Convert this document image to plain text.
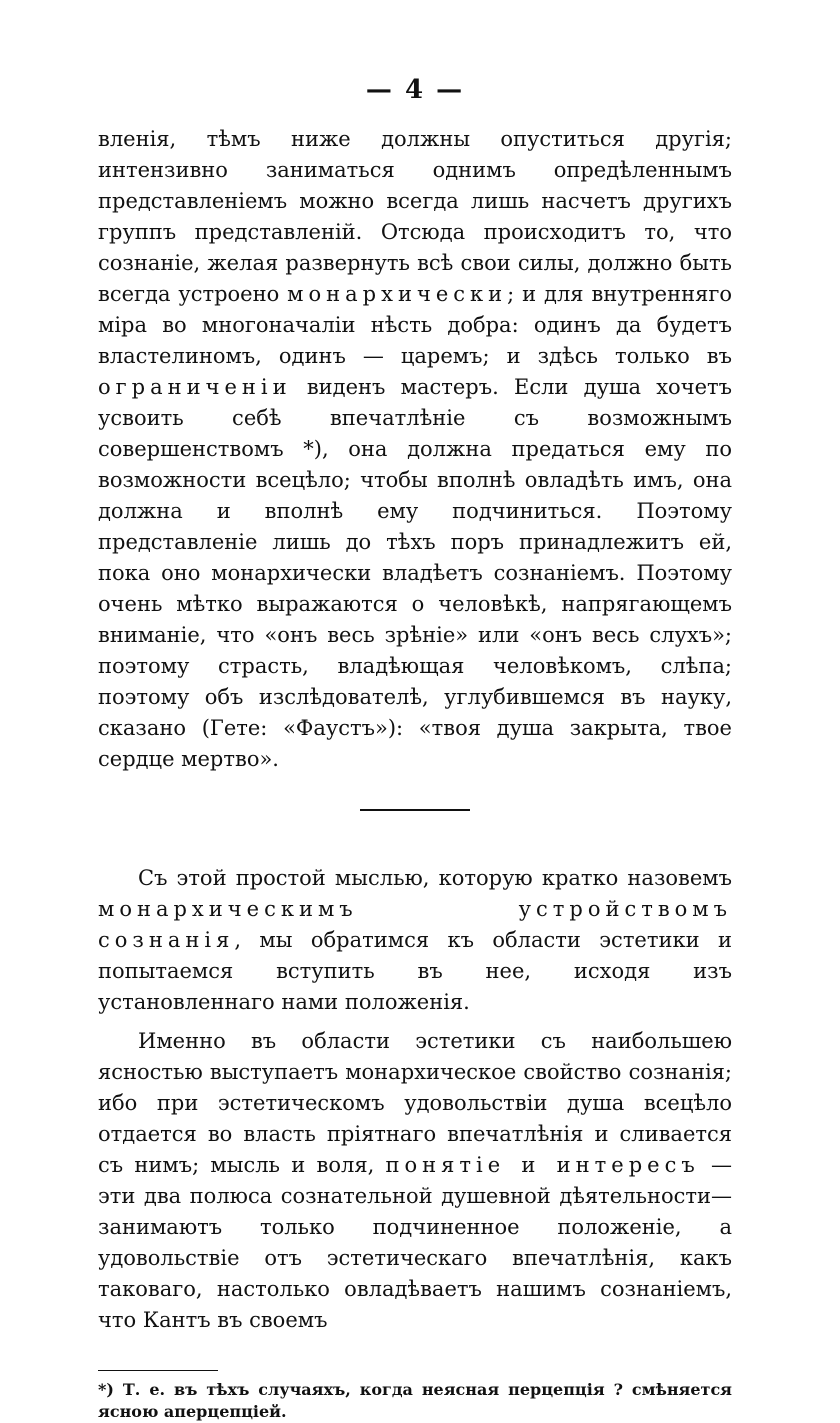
— 4 —

вленія, тѣмъ ниже должны опуститься другія; интензивно заниматься однимъ опредѣленнымъ представленіемъ можно всегда лишь насчетъ другихъ группъ представленій. Отсюда происходитъ то, что сознаніе, желая развернуть всѣ свои силы, должно быть всегда устроено монархически; и для внутренняго міра во многоначаліи нѣсть добра: одинъ да будетъ властелиномъ, одинъ — царемъ; и здѣсь только въ ограниченіи виденъ мастеръ. Если душа хочетъ усвоить себѣ впечатлѣніе съ возможнымъ совершенствомъ *), она должна предаться ему по возможности всецѣло; чтобы вполнѣ овладѣть имъ, она должна и вполнѣ ему подчиниться. Поэтому представленіе лишь до тѣхъ поръ принадлежитъ ей, пока оно монархически владѣетъ сознаніемъ. Поэтому очень мѣтко выражаются о человѣкѣ, напрягающемъ вниманіе, что «онъ весь зрѣніе» или «онъ весь слухъ»; поэтому страсть, владѣющая человѣкомъ, слѣпа; поэтому объ изслѣдователѣ, углубившемся въ науку, сказано (Гете: «Фаустъ»): «твоя душа закрыта, твое сердце мертво».

Съ этой простой мыслью, которую кратко назовемъ монархическимъ устройствомъ сознанія, мы обратимся къ области эстетики и попытаемся вступить въ нее, исходя изъ установленнаго нами положенія.

Именно въ области эстетики съ наибольшею ясностью выступаетъ монархическое свойство сознанія; ибо при эстетическомъ удовольствіи душа всецѣло отдается во власть пріятнаго впечатлѣнія и сливается съ нимъ; мысль и воля, понятіе и интересъ — эти два полюса сознательной душевной дѣятельности—занимаютъ только подчиненное положеніе, а удовольствіе отъ эстетическаго впечатлѣнія, какъ таковаго, настолько овладѣваетъ нашимъ сознаніемъ, что Кантъ въ своемъ

*) Т. е. въ тѣхъ случаяхъ, когда неясная перцепція ? смѣняется ясною аперцепціей.
